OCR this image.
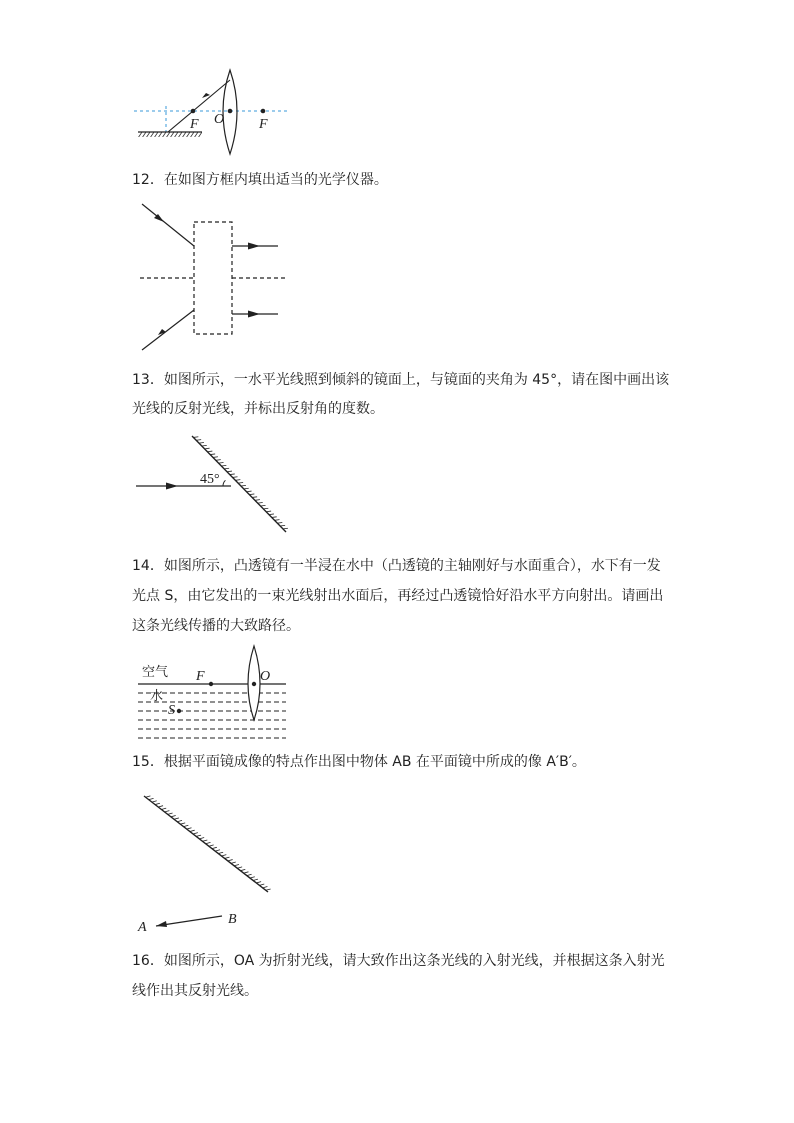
F O F

12．在如图方框内填出适当的光学仪器。

13．如图所示，一水平光线照到倾斜的镜面上，与镜面的夹角为 45°，请在图中画出该

光线的反射光线，并标出反射角的度数。

45°

14．如图所示，凸透镜有一半浸在水中（凸透镜的主轴刚好与水面重合），水下有一发

光点 S，由它发出的一束光线射出水面后，再经过凸透镜恰好沿水平方向射出。请画出

这条光线传播的大致路径。

空气
水
F	O
S

15．根据平面镜成像的特点作出图中物体 AB 在平面镜中所成的像 A′B′。

A
B

16．如图所示，OA 为折射光线，请大致作出这条光线的入射光线，并根据这条入射光

线作出其反射光线。
